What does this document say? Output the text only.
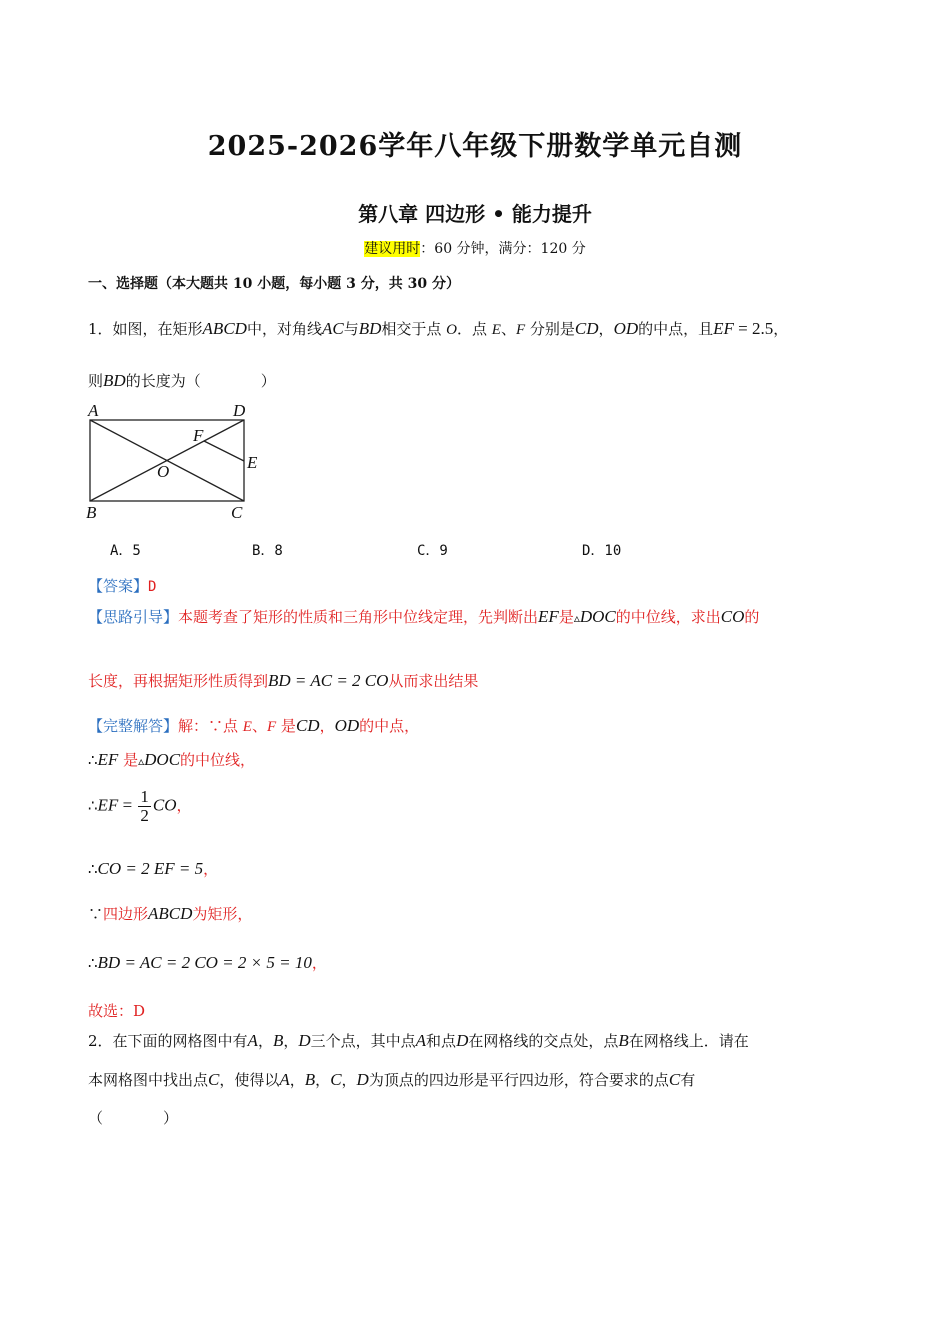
2025-2026学年八年级下册数学单元自测
第八章 四边形 • 能力提升
建议用时：60 分钟，满分：120 分
一、选择题（本大题共 10 小题，每小题 3 分，共 30 分）
1．如图，在矩形ABCD中，对角线AC与BD相交于点 O．点 E、F 分别是CD，OD的中点，且EF = 2.5，
则BD的长度为（　　　　）
A	D
B	C
O	E
F
A．5	B．8	C．9	D．10
【答案】D
【思路引导】本题考查了矩形的性质和三角形中位线定理，先判断出EF是▵DOC的中位线，求出CO的
长度，再根据矩形性质得到BD = AC = 2 CO从而求出结果
【完整解答】解：∵点 E、F 是CD，OD的中点，
∴EF 是▵DOC的中位线，
∴EF = $\frac{1}{2}$ CO，
∴CO = 2 EF = 5，
∵四边形ABCD为矩形，
∴BD = AC = 2 CO = 2 × 5 = 10，
故选：D
2．在下面的网格图中有A，B，D三个点，其中点A和点D在网格线的交点处，点B在网格线上．请在
本网格图中找出点C，使得以A，B，C，D为顶点的四边形是平行四边形，符合要求的点C有
（　　　　）
